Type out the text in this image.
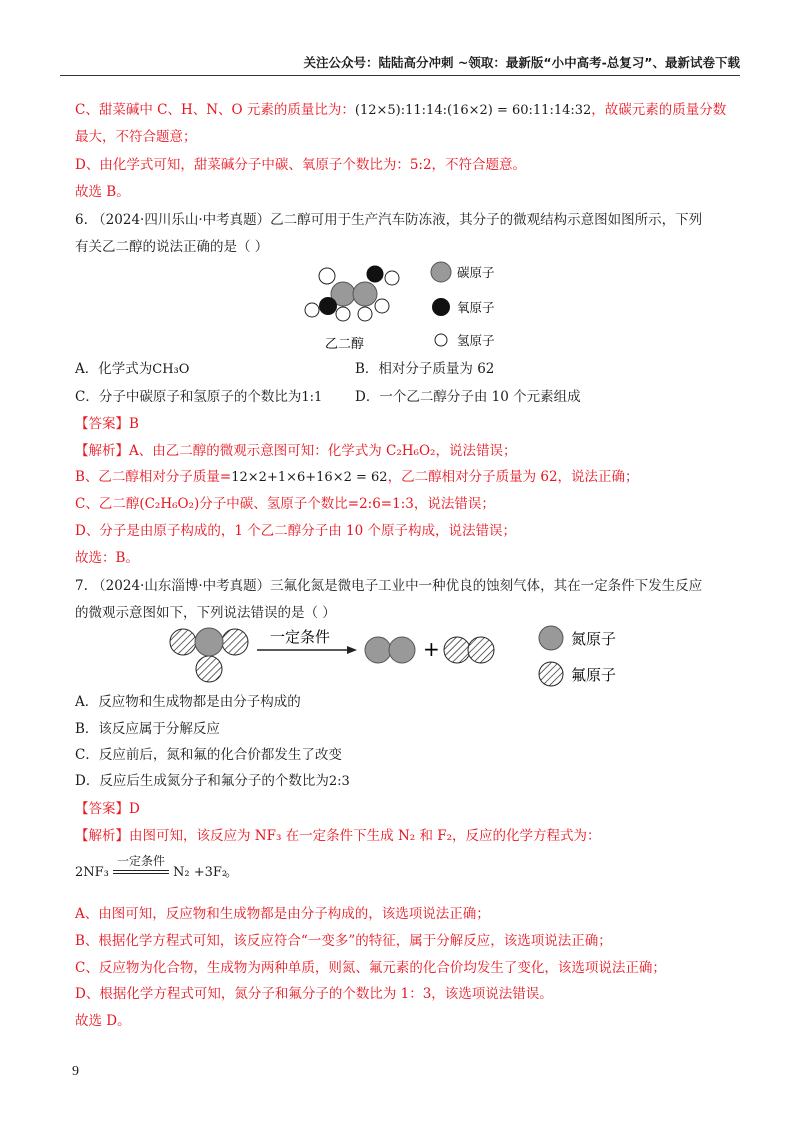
关注公众号：陆陆高分冲刺 ~领取：最新版“小中高考-总复习”、最新试卷下载
C、甜菜碱中 C、H、N、O 元素的质量比为：(12×5):11:14:(16×2) = 60:11:14:32，故碳元素的质量分数
最大，不符合题意；
D、由化学式可知，甜菜碱分子中碳、氧原子个数比为：5:2，不符合题意。
故选 B。
6. （2024·四川乐山·中考真题）乙二醇可用于生产汽车防冻液，其分子的微观结构示意图如图所示，下列
有关乙二醇的说法正确的是（ ）
乙二醇
碳原子
氧原子
氢原子
A．化学式为CH₃O	B．相对分子质量为 62
C．分子中碳原子和氢原子的个数比为1:1 D．一个乙二醇分子由 10 个元素组成
【答案】B
【解析】A、由乙二醇的微观示意图可知：化学式为 C₂H₆O₂，说法错误；
B、乙二醇相对分子质量=12×2+1×6+16×2 = 62，乙二醇相对分子质量为 62，说法正确；
C、乙二醇(C₂H₆O₂)分子中碳、氢原子个数比=2:6=1:3，说法错误；
D、分子是由原子构成的，1 个乙二醇分子由 10 个原子构成，说法错误；
故选：B。
7. （2024·山东淄博·中考真题）三氟化氮是微电子工业中一种优良的蚀刻气体，其在一定条件下发生反应
的微观示意图如下，下列说法错误的是（ ）
一定条件	+	氮原子
氟原子
A．反应物和生成物都是由分子构成的
B．该反应属于分解反应
C．反应前后，氮和氟的化合价都发生了改变
D．反应后生成氮分子和氟分子的个数比为2:3
【答案】D
【解析】由图可知，该反应为 NF₃ 在一定条件下生成 N₂ 和 F₂，反应的化学方程式为：
2NF₃
一定条件
N₂ +3F₂
。
A、由图可知，反应物和生成物都是由分子构成的，该选项说法正确；
B、根据化学方程式可知，该反应符合“一变多”的特征，属于分解反应，该选项说法正确；
C、反应物为化合物，生成物为两种单质，则氮、氟元素的化合价均发生了变化，该选项说法正确；
D、根据化学方程式可知，氮分子和氟分子的个数比为 1：3，该选项说法错误。
故选 D。
9
